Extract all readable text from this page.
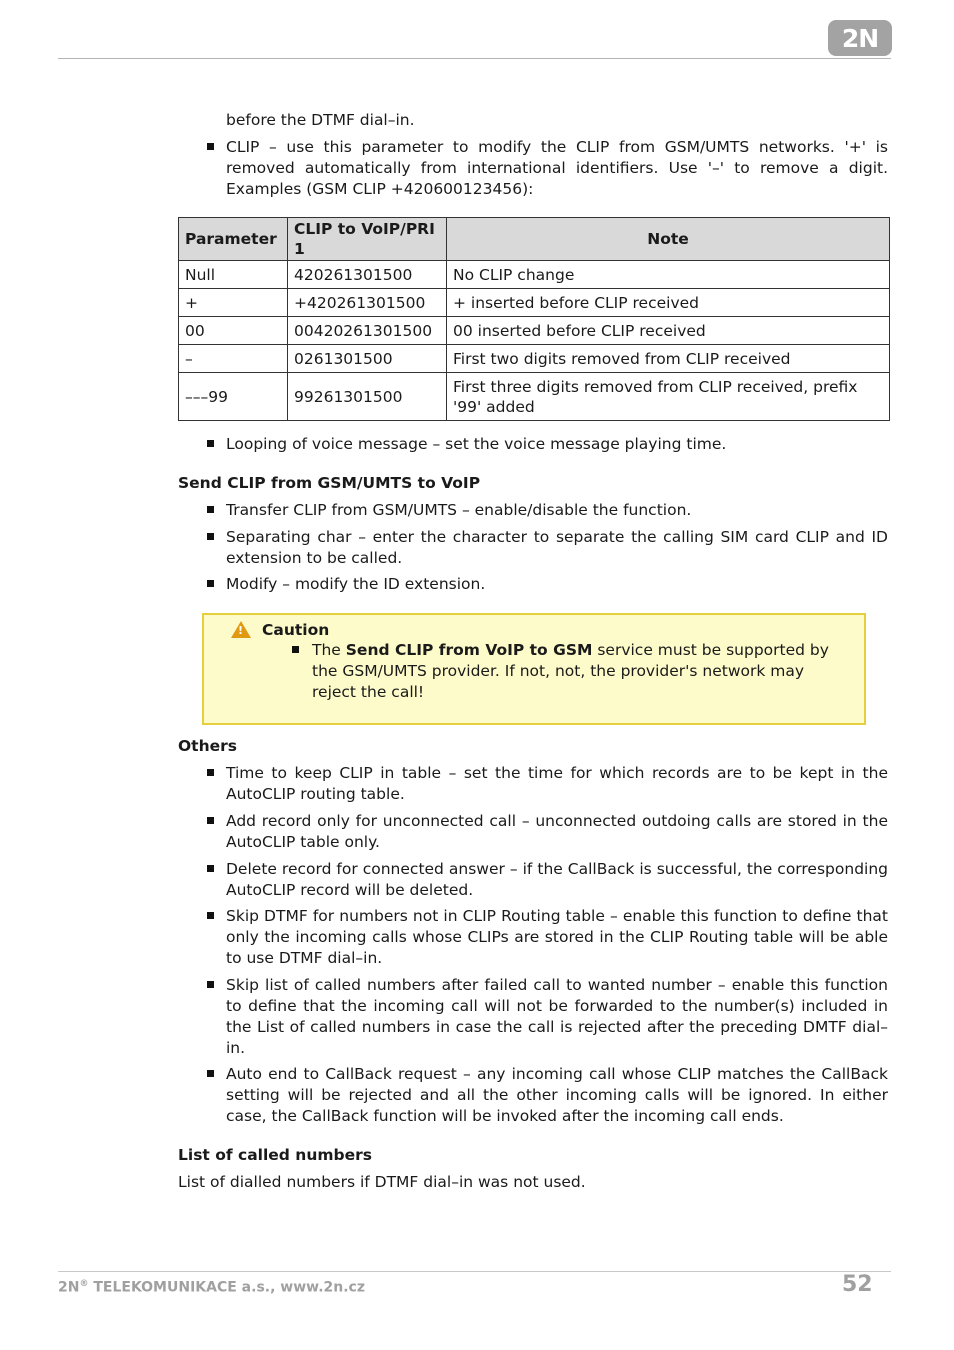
2N
before the DTMF dial–in.
CLIP – use this parameter to modify the CLIP from GSM/UMTS networks. '+' is removed automatically from international identifiers. Use '–' to remove a digit. Examples (GSM CLIP +420600123456):
Parameter	CLIP to VoIP/PRI 1	Note
Null	420261301500	No CLIP change
+	+420261301500	+ inserted before CLIP received
00	00420261301500	00 inserted before CLIP received
–	0261301500	First two digits removed from CLIP received
–––99	99261301500	First three digits removed from CLIP received, prefix '99' added
Looping of voice message – set the voice message playing time.
Send CLIP from GSM/UMTS to VoIP
Transfer CLIP from GSM/UMTS – enable/disable the function.
Separating char – enter the character to separate the calling SIM card CLIP and ID extension to be called.
Modify – modify the ID extension.
! Caution
The Send CLIP from VoIP to GSM service must be supported by the GSM/UMTS provider. If not, not, the provider's network may reject the call!
Others
Time to keep CLIP in table – set the time for which records are to be kept in the AutoCLIP routing table.
Add record only for unconnected call – unconnected outdoing calls are stored in the AutoCLIP table only.
Delete record for connected answer – if the CallBack is successful, the corresponding AutoCLIP record will be deleted.
Skip DTMF for numbers not in CLIP Routing table – enable this function to define that only the incoming calls whose CLIPs are stored in the CLIP Routing table will be able to use DTMF dial–in.
Skip list of called numbers after failed call to wanted number – enable this function to define that the incoming call will not be forwarded to the number(s) included in the List of called numbers in case the call is rejected after the preceding DMTF dial–in.
Auto end to CallBack request – any incoming call whose CLIP matches the CallBack setting will be rejected and all the other incoming calls will be ignored. In either case, the CallBack function will be invoked after the incoming call ends.
List of called numbers
List of dialled numbers if DTMF dial–in was not used.
2N® TELEKOMUNIKACE a.s., www.2n.cz	52
